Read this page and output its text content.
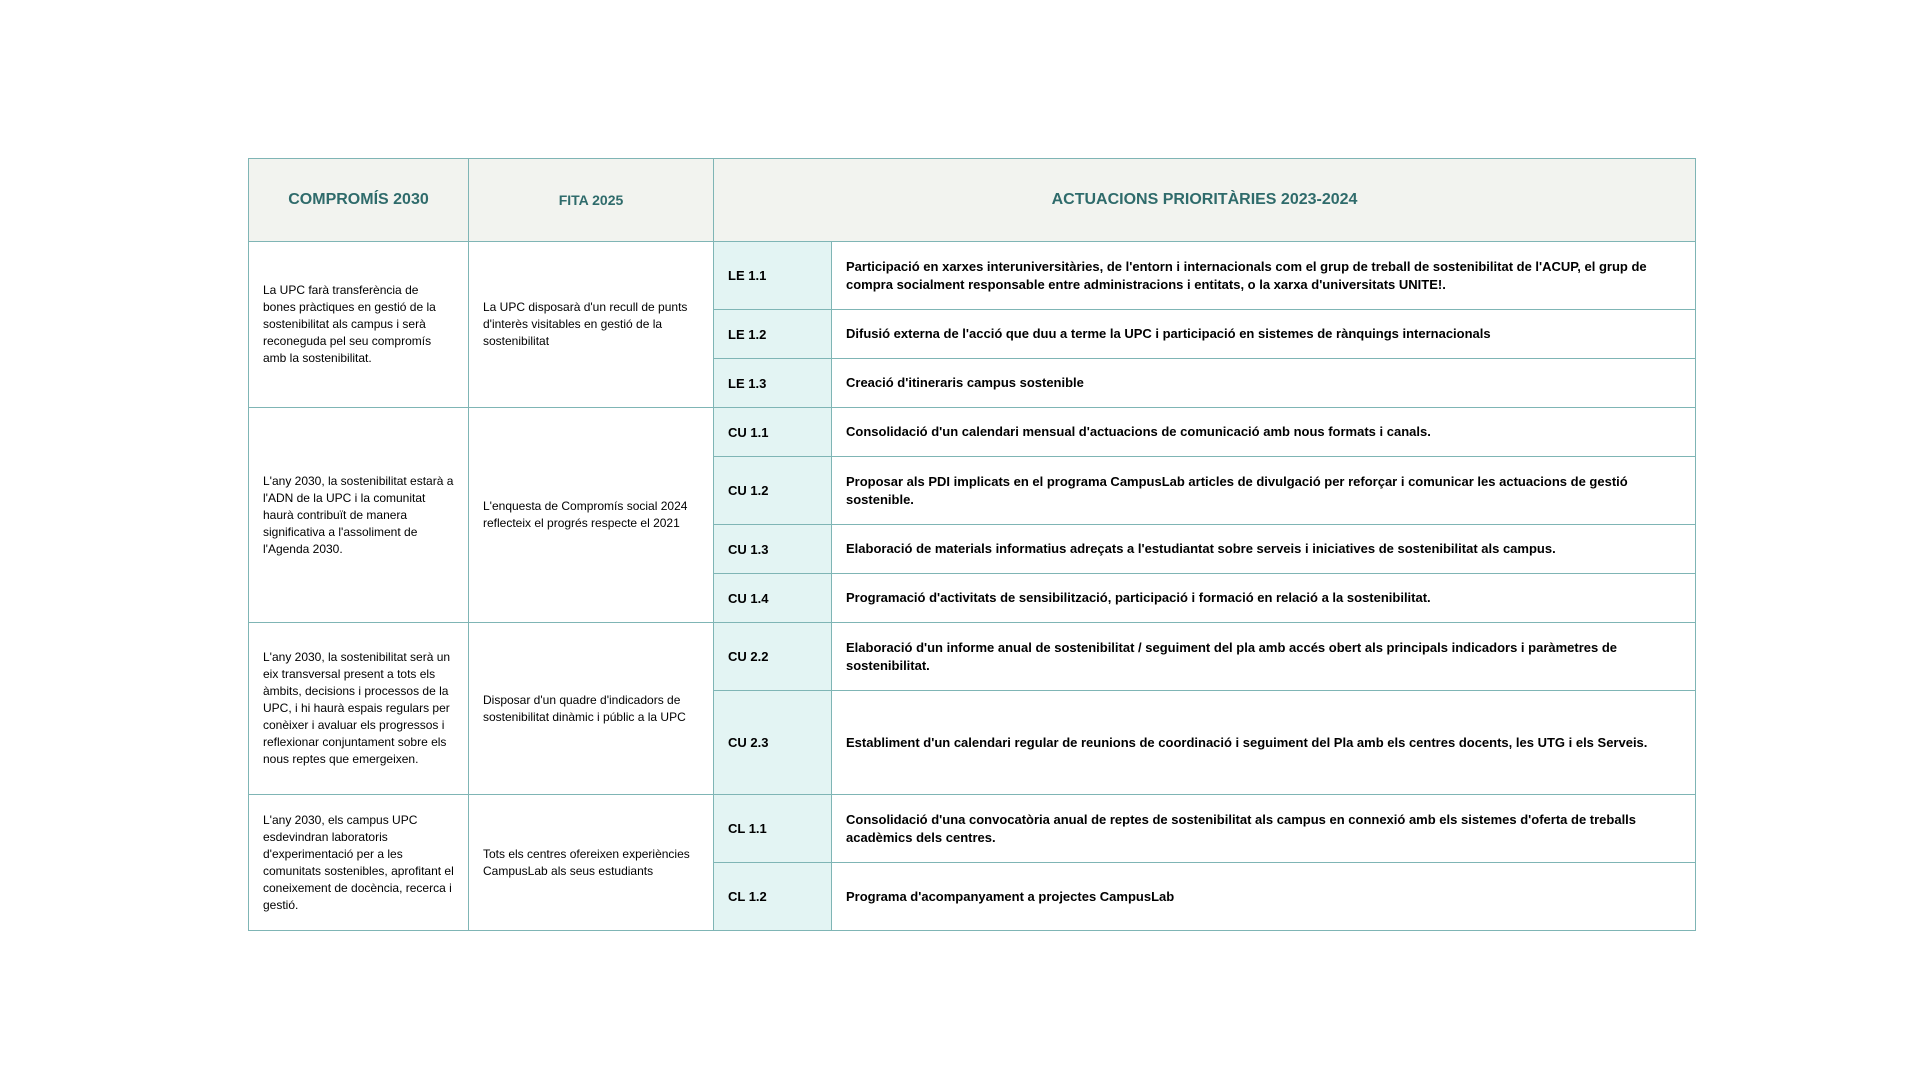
COMPROMÍS 2030	FITA 2025	ACTUACIONS PRIORITÀRIES 2023-2024	
La UPC farà transferència de bones pràctiques en gestió de la sostenibilitat als campus i serà reconeguda pel seu compromís amb la sostenibilitat.	La UPC disposarà d'un recull de punts d'interès visitables en gestió de la sostenibilitat	LE 1.1	Participació en xarxes interuniversitàries, de l'entorn i internacionals com el grup de treball de sostenibilitat de l'ACUP, el grup de compra socialment responsable entre administracions i entitats, o la xarxa d'universitats UNITE!.
		LE 1.2	Difusió externa de l'acció que duu a terme la UPC i participació en sistemes de rànquings internacionals
		LE 1.3	Creació d'itineraris campus sostenible
L'any 2030, la sostenibilitat estarà a l'ADN de la UPC i la comunitat haurà contribuït de manera significativa a l'assoliment de l'Agenda 2030.	L'enquesta de Compromís social 2024 reflecteix el progrés respecte el 2021	CU 1.1	Consolidació d'un calendari mensual d'actuacions de comunicació amb nous formats i canals.
		CU 1.2	Proposar als PDI implicats en el programa CampusLab articles de divulgació per reforçar i comunicar les actuacions de gestió sostenible.
		CU 1.3	Elaboració de materials informatius adreçats a l'estudiantat sobre serveis i iniciatives de sostenibilitat als campus.
		CU 1.4	Programació d'activitats de sensibilització, participació i formació en relació a la sostenibilitat.
L'any 2030, la sostenibilitat serà un eix transversal present a tots els àmbits, decisions i processos de la UPC, i hi haurà espais regulars per conèixer i avaluar els progressos i reflexionar conjuntament sobre els nous reptes que emergeixen.	Disposar d'un quadre d'indicadors de sostenibilitat dinàmic i públic a la UPC	CU 2.2	Elaboració d'un informe anual de sostenibilitat / seguiment del pla amb accés obert als principals indicadors i paràmetres de sostenibilitat.
		CU 2.3	Establiment d'un calendari regular de reunions de coordinació i seguiment del Pla amb els centres docents, les UTG i els Serveis.
L'any 2030, els campus UPC esdevindran laboratoris d'experimentació per a les comunitats sostenibles, aprofitant el coneixement de docència, recerca i gestió.	Tots els centres ofereixen experiències CampusLab als seus estudiants	CL 1.1	Consolidació d'una convocatòria anual de reptes de sostenibilitat als campus en connexió amb els sistemes d'oferta de treballs acadèmics dels centres.
		CL 1.2	Programa d'acompanyament a projectes CampusLab
